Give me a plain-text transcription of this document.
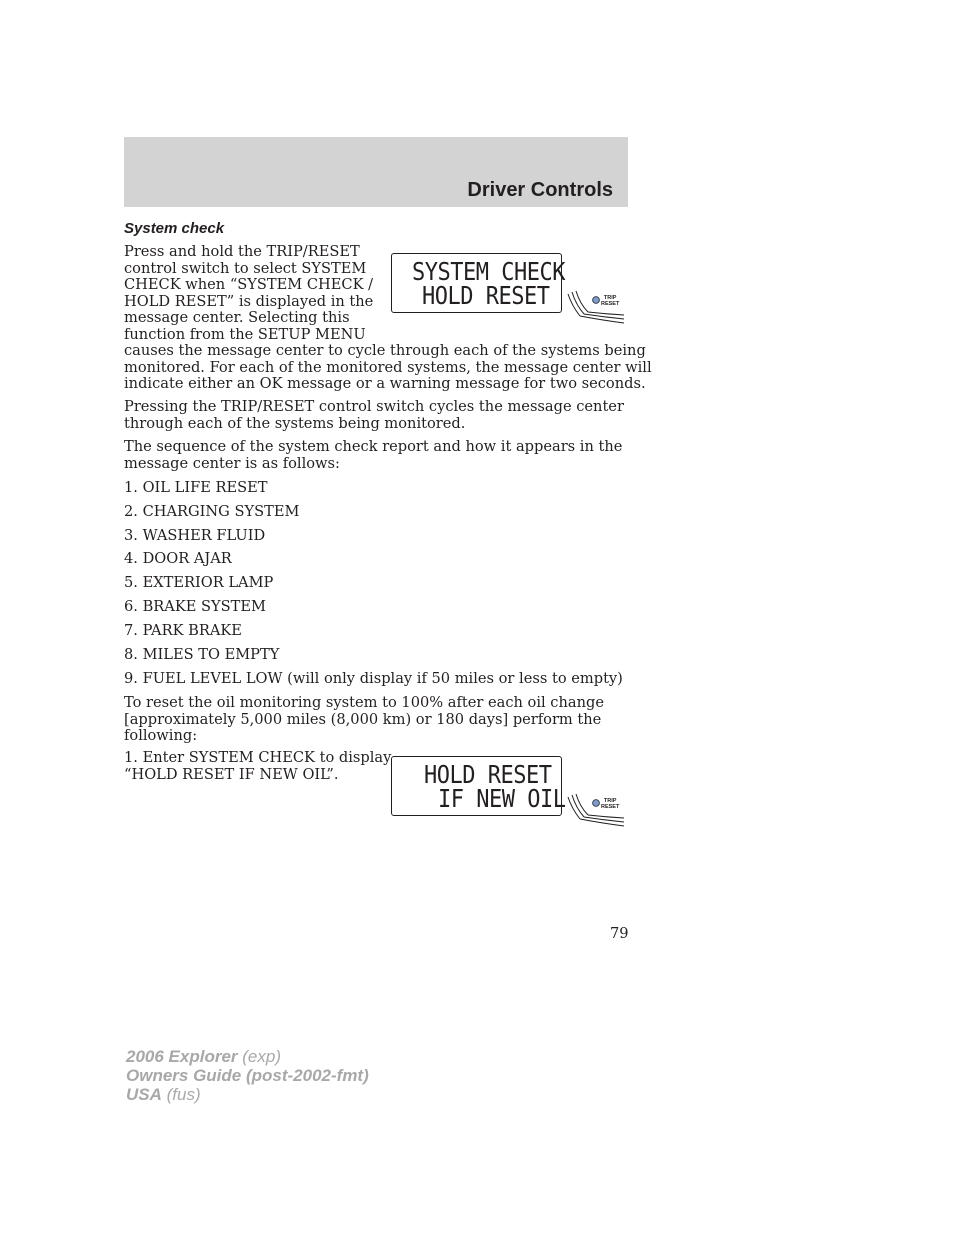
Driver Controls
System check

Press and hold the TRIP/RESET

control switch to select SYSTEM

CHECK when “SYSTEM CHECK /

HOLD RESET” is displayed in the

message center. Selecting this

function from the SETUP MENU

causes the message center to cycle through each of the systems being

monitored. For each of the monitored systems, the message center will

indicate either an OK message or a warning message for two seconds.

SYSTEM CHECK
HOLD RESET	TRIP
RESET

Pressing the TRIP/RESET control switch cycles the message center

through each of the systems being monitored.

The sequence of the system check report and how it appears in the

message center is as follows:

1. OIL LIFE RESET
2. CHARGING SYSTEM
3. WASHER FLUID
4. DOOR AJAR
5. EXTERIOR LAMP
6. BRAKE SYSTEM
7. PARK BRAKE
8. MILES TO EMPTY
9. FUEL LEVEL LOW (will only display if 50 miles or less to empty)

To reset the oil monitoring system to 100% after each oil change

[approximately 5,000 miles (8,000 km) or 180 days] perform the

following:

1. Enter SYSTEM CHECK to display

“HOLD RESET IF NEW OIL”.	HOLD RESET
IF NEW OIL	TRIP
RESET
79
2006 Explorer (exp)
Owners Guide (post-2002-fmt)
USA (fus)
